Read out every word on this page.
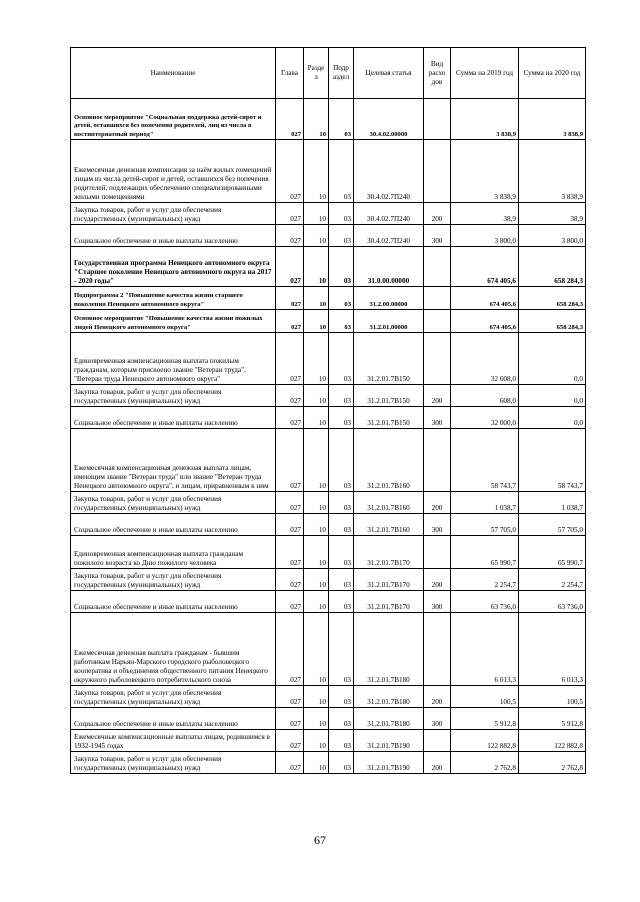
Наименование	Глава	Разде л	Подр аздел	Целевая статья	Вид расхо дов	Сумма на 2019 год	Сумма на 2020 год
Основное мероприятие "Социальная поддержка детей-сирот и детей, оставшихся без попечения родителей, лиц из числа в постинтернатный период"	027	10	03	30.4.02.00000		3 838,9	3 838,9
Ежемесячная денежная компенсация за наём жилых помещений лицам из числа детей-сирот и детей, оставшихся без попечения родителей, подлежащих обеспечению специализированными жилыми помещениями	027	10	03	30.4.02.7П240		3 838,9	3 838,9
Закупка товаров, работ и услуг для обеспечения государственных (муниципальных) нужд	027	10	03	30.4.02.7П240	200	38,9	38,9
Социальное обеспечение и иные выплаты населению	027	10	03	30.4.02.7П240	300	3 800,0	3 800,0
Государственная программа Ненецкого автономного округа "Старшее поколение Ненецкого автономного округа на 2017 - 2020 годы"	027	10	03	31.0.00.00000		674 405,6	658 284,3
Подпрограмма 2 "Повышение качества жизни старшего поколения Ненецкого автономного округа"	027	10	03	31.2.00.00000		674 405,6	658 284,3
Основное мероприятие "Повышение качества жизни пожилых людей Ненецкого автономного округа"	027	10	03	31.2.01.00000		674 405,6	658 284,3
Единовременная компенсационная выплата пожилым гражданам, которым присвоено звание "Ветеран труда", "Ветеран труда Ненецкого автономного округа"	027	10	03	31.2.01.7В150		32 608,0	0,0
Закупка товаров, работ и услуг для обеспечения государственных (муниципальных) нужд	027	10	03	31.2.01.7В150	200	608,0	0,0
Социальное обеспечение и иные выплаты населению	027	10	03	31.2.01.7В150	300	32 000,0	0,0
Ежемесячная компенсационная денежная выплата лицам, имеющим звание "Ветеран труда" или звание "Ветеран труда Ненецкого автономного округа", и лицам, приравненным к ним	027	10	03	31.2.01.7В160		58 743,7	58 743,7
Закупка товаров, работ и услуг для обеспечения государственных (муниципальных) нужд	027	10	03	31.2.01.7В160	200	1 038,7	1 038,7
Социальное обеспечение и иные выплаты населению	027	10	03	31.2.01.7В160	300	57 705,0	57 705,0
Единовременная компенсационная выплата гражданам пожилого возраста ко Дню пожилого человека	027	10	03	31.2.01.7В170		65 990,7	65 990,7
Закупка товаров, работ и услуг для обеспечения государственных (муниципальных) нужд	027	10	03	31.2.01.7В170	200	2 254,7	2 254,7
Социальное обеспечение и иные выплаты населению	027	10	03	31.2.01.7В170	300	63 736,0	63 736,0
Ежемесячная денежная выплата гражданам - бывшим работникам Нарьян-Марского городского рыболовецкого кооператива и объединения общественного питания Ненецкого окружного рыболовецкого потребительского союза	027	10	03	31.2.01.7В180		6 013,3	6 013,3
Закупка товаров, работ и услуг для обеспечения государственных (муниципальных) нужд	027	10	03	31.2.01.7В180	200	100,5	100,5
Социальное обеспечение и иные выплаты населению	027	10	03	31.2.01.7В180	300	5 912,8	5 912,8
Ежемесячные компенсационные выплаты лицам, родившимся в 1932-1945 годах	027	10	03	31.2.01.7В190		122 882,8	122 882,8
Закупка товаров, работ и услуг для обеспечения государственных (муниципальных) нужд	027	10	03	31.2.01.7В190	200	2 762,8	2 762,8
67
